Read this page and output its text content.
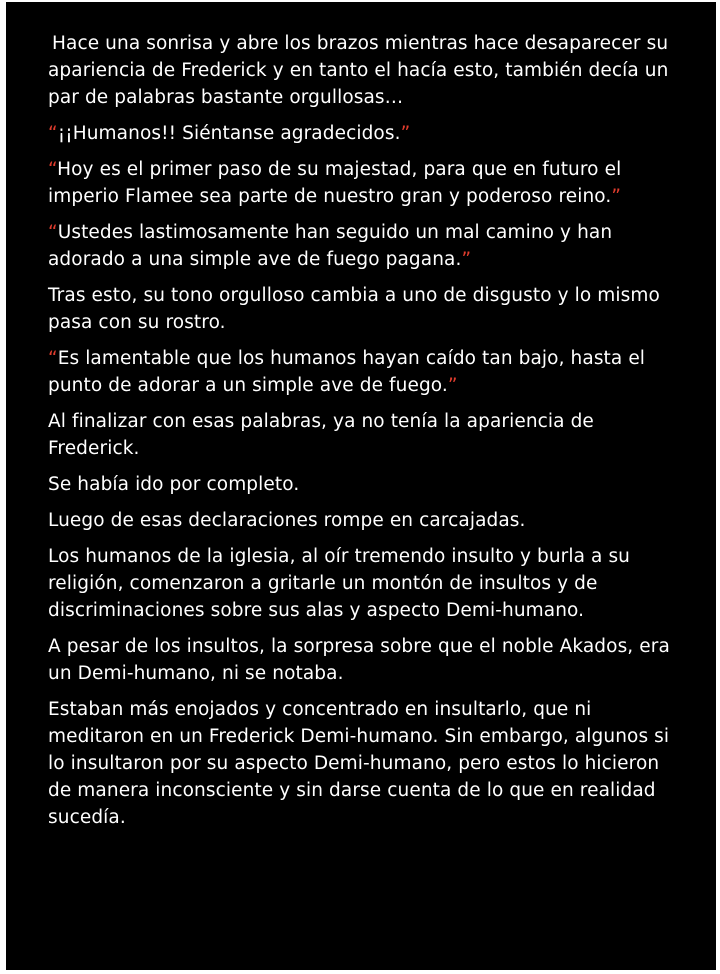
Hace una sonrisa y abre los brazos mientras hace desaparecer su apariencia de Frederick y en tanto el hacía esto, también decía un par de palabras bastante orgullosas…

“¡¡Humanos!! Siéntanse agradecidos.”

“Hoy es el primer paso de su majestad, para que en futuro el imperio Flamee sea parte de nuestro gran y poderoso reino.”

“Ustedes lastimosamente han seguido un mal camino y han adorado a una simple ave de fuego pagana.”

Tras esto, su tono orgulloso cambia a uno de disgusto y lo mismo pasa con su rostro.

“Es lamentable que los humanos hayan caído tan bajo, hasta el punto de adorar a un simple ave de fuego.”

Al finalizar con esas palabras, ya no tenía la apariencia de Frederick.

Se había ido por completo.

Luego de esas declaraciones rompe en carcajadas.

Los humanos de la iglesia, al oír tremendo insulto y burla a su religión, comenzaron a gritarle un montón de insultos y de discriminaciones sobre sus alas y aspecto Demi-humano.

A pesar de los insultos, la sorpresa sobre que el noble Akados, era un Demi-humano, ni se notaba.

Estaban más enojados y concentrado en insultarlo, que ni meditaron en un Frederick Demi-humano. Sin embargo, algunos si lo insultaron por su aspecto Demi-humano, pero estos lo hicieron de manera inconsciente y sin darse cuenta de lo que en realidad sucedía.
